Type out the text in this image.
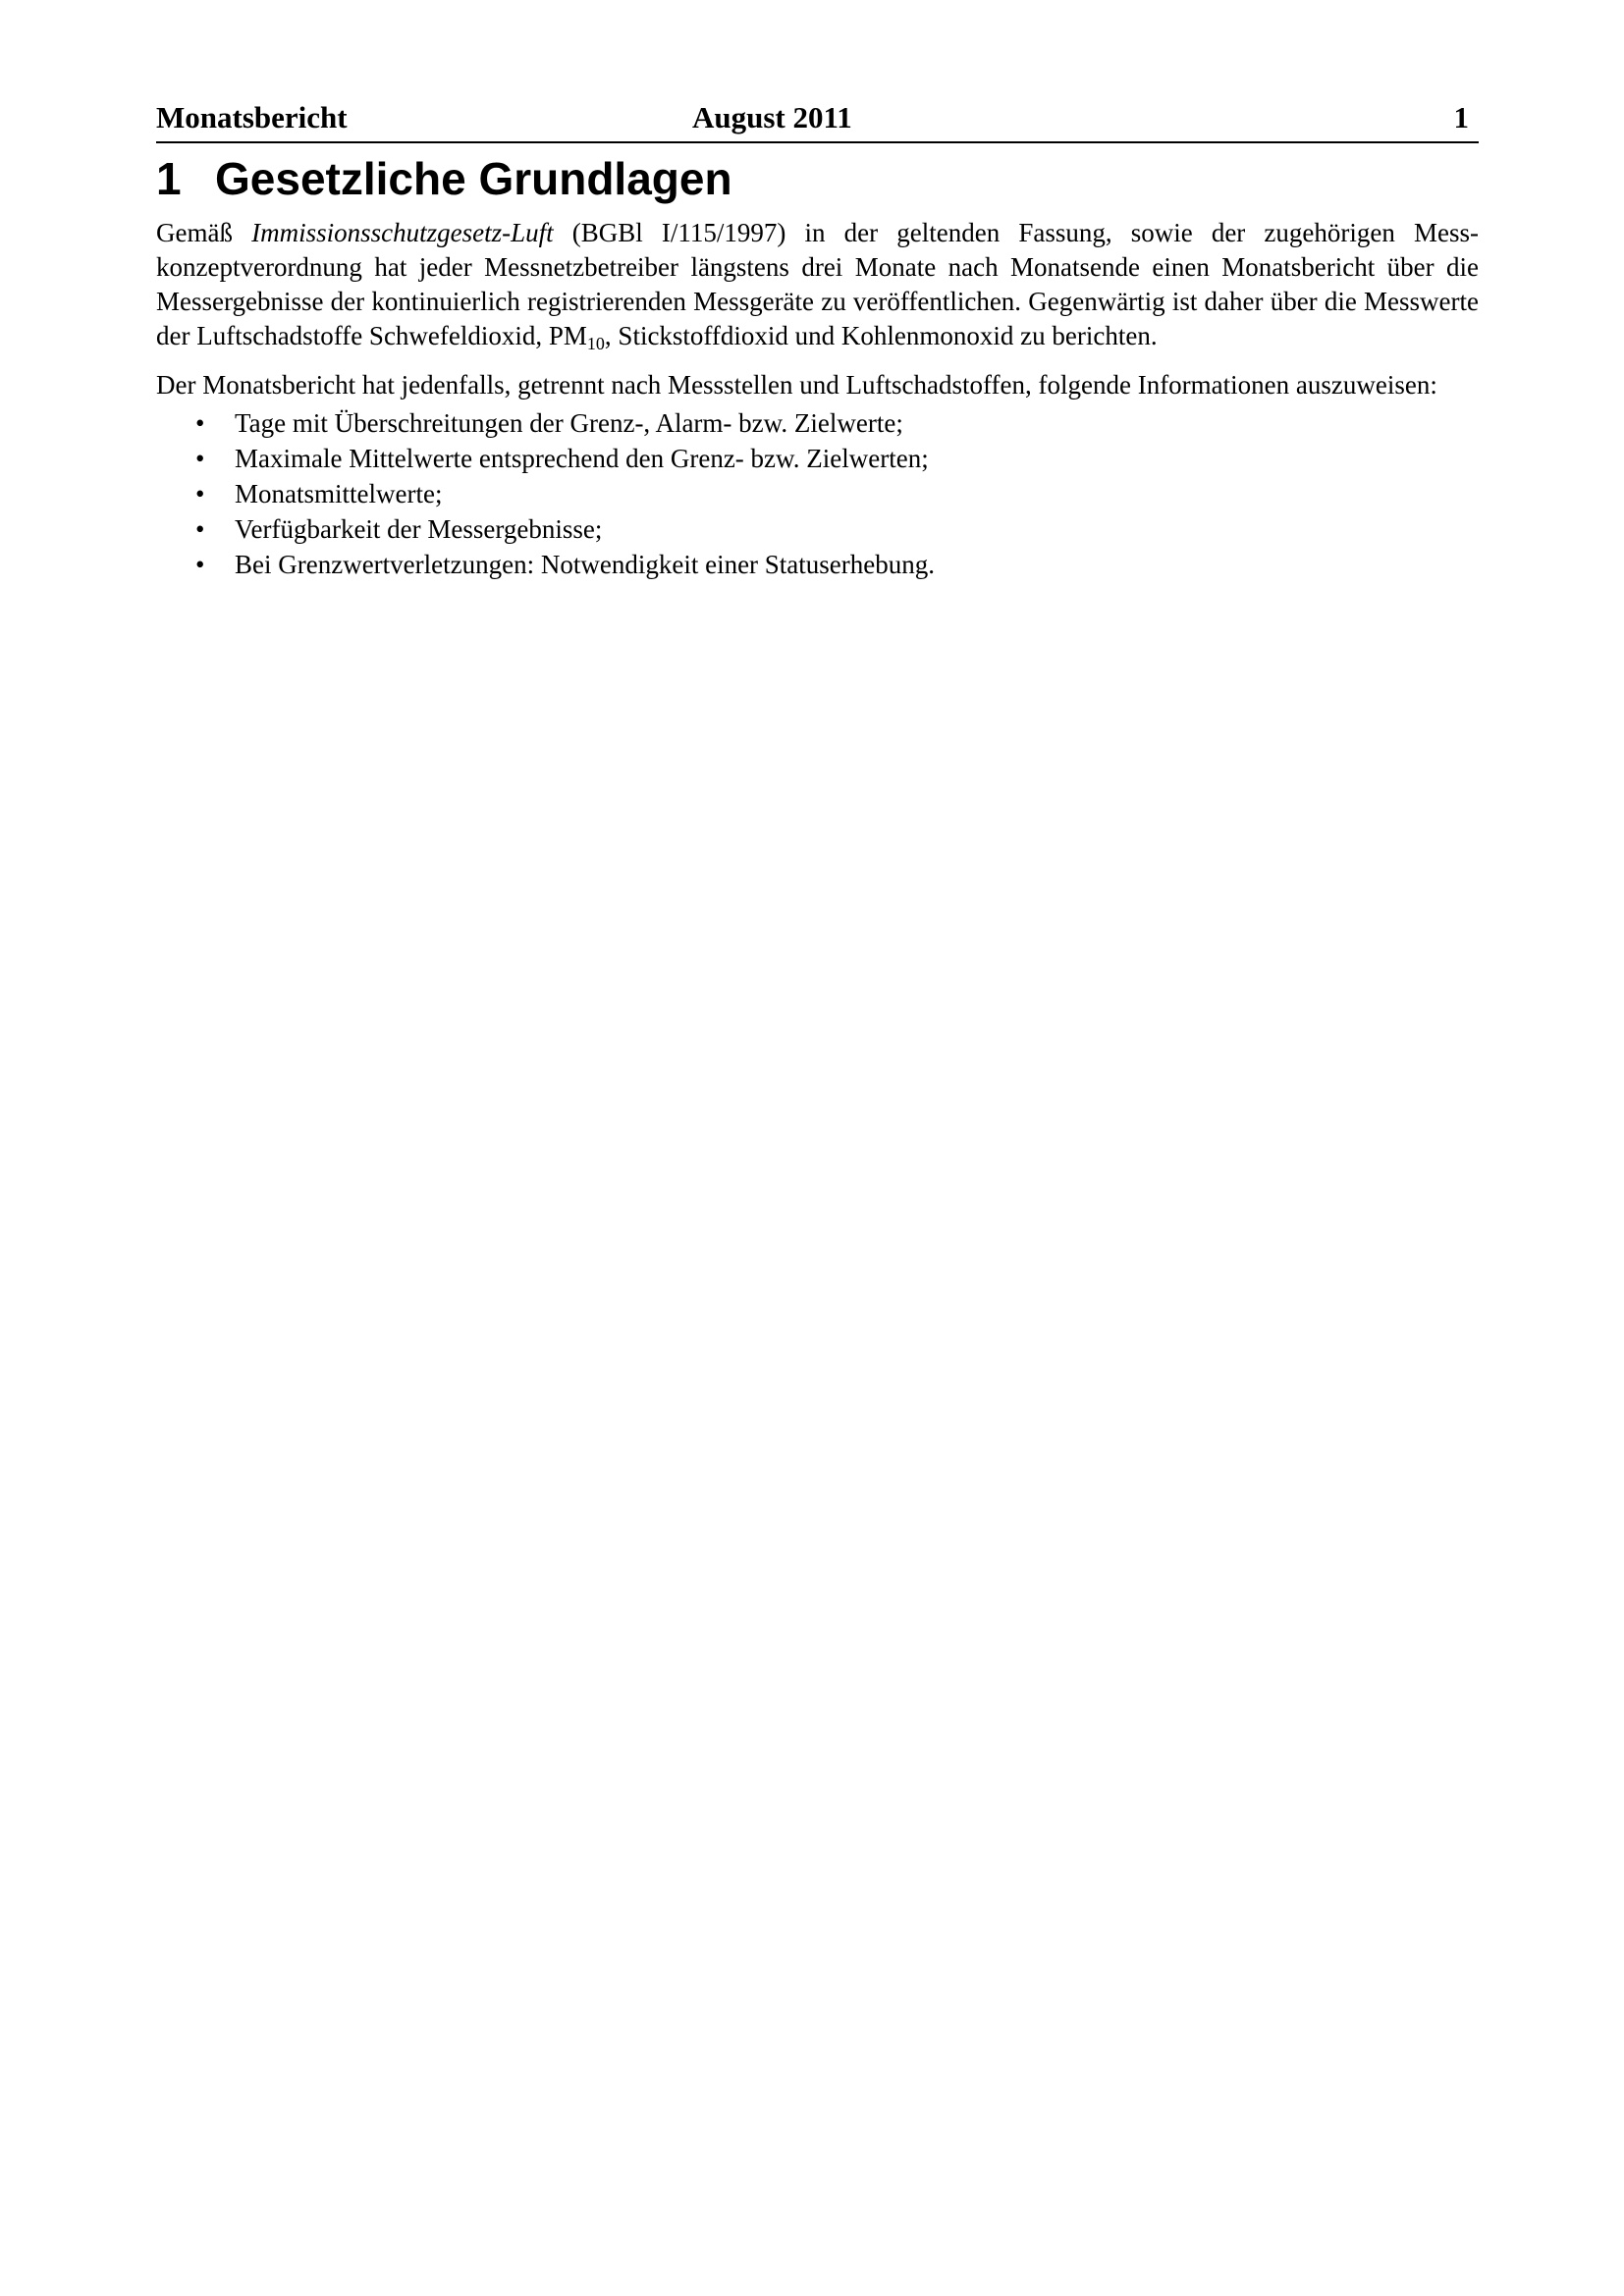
Monatsbericht	August 2011	1
1 Gesetzliche Grundlagen

Gemäß Immissionsschutzgesetz-Luft (BGBl I/115/1997) in der geltenden Fassung, sowie der zugehörigen Messkonzeptverordnung hat jeder Messnetzbetreiber längstens drei Monate nach Monatsende einen Monatsbericht über die Messergebnisse der kontinuierlich registrierenden Messgeräte zu veröffentlichen. Gegenwärtig ist daher über die Messwerte der Luftschadstoffe Schwefeldioxid, $PM_{10}$, Stickstoffdioxid und Kohlenmonoxid zu berichten.

Der Monatsbericht hat jedenfalls, getrennt nach Messstellen und Luftschadstoffen, folgende Informationen auszuweisen:

• Tage mit Überschreitungen der Grenz-, Alarm- bzw. Zielwerte;
• Maximale Mittelwerte entsprechend den Grenz- bzw. Zielwerten;
• Monatsmittelwerte;
• Verfügbarkeit der Messergebnisse;
• Bei Grenzwertverletzungen: Notwendigkeit einer Statuserhebung.
